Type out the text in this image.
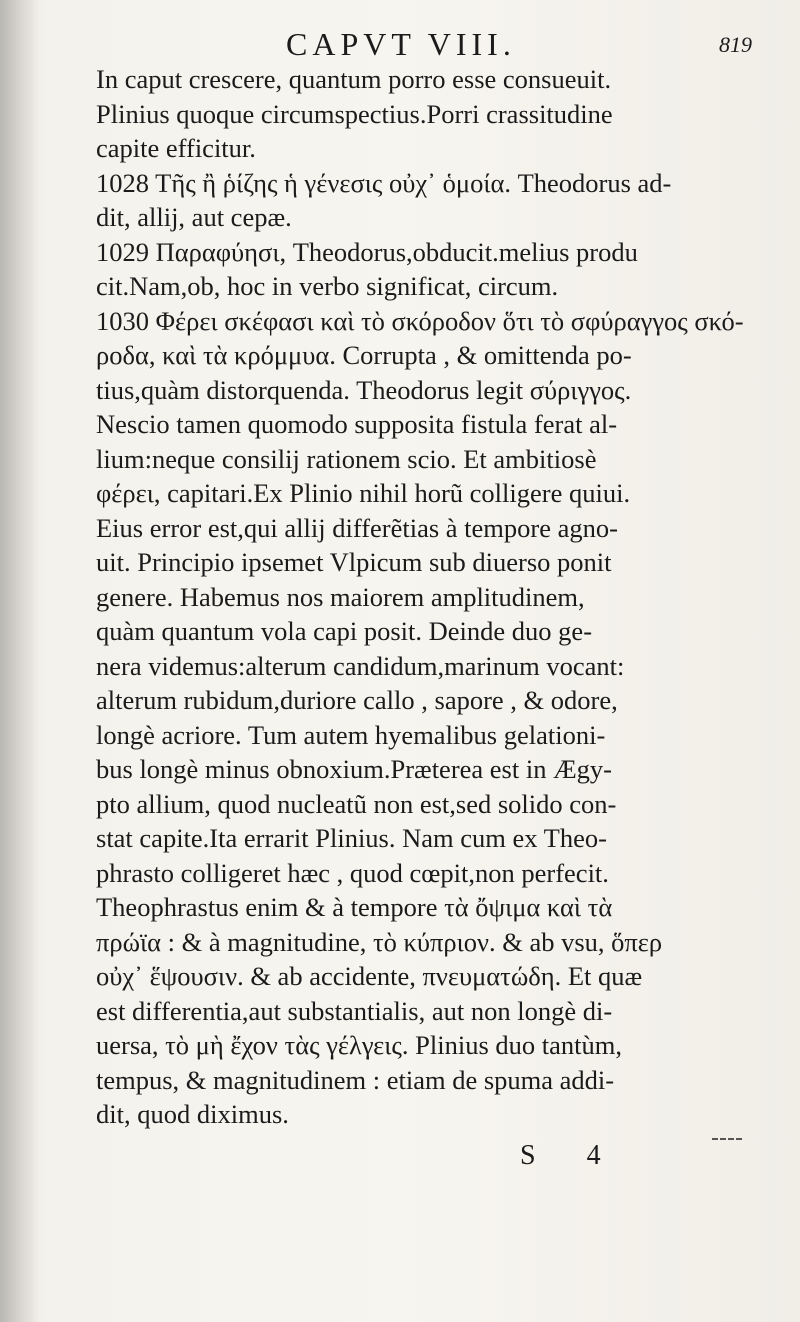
CAPVT VIII.	819

In caput crescere, quantum porro esse consueuit.
Plinius quoque circumspectius.Porri crassitudine
capite efficitur.
1028 Τῆς ἢ ῥίζης ἡ γένεσις οὐχ᾽ ὁμοία. Theodorus ad-
dit, allij, aut cepæ.
1029 Παραφύησι, Theodorus,obducit.melius produ
cit.Nam,ob, hoc in verbo significat, circum.
1030 Φέρει σκέφασι καὶ τὸ σκόροδον ὅτι τὸ σφύραγγος σκό-
ροδα, καὶ τὰ κρόμμυα. Corrupta , & omittenda po-
tius,quàm distorquenda. Theodorus legit σύριγγος.
Nescio tamen quomodo supposita fistula ferat al-
lium:neque consilij rationem scio. Et ambitiosè
φέρει, capitari.Ex Plinio nihil horũ colligere quiui.
Eius error est,qui allij differẽtias à tempore agno-
uit. Principio ipsemet Vlpicum sub diuerso ponit
genere. Habemus nos maiorem amplitudinem,
quàm quantum vola capi posit. Deinde duo ge-
nera videmus:alterum candidum,marinum vocant:
alterum rubidum,duriore callo , sapore , & odore,
longè acriore. Tum autem hyemalibus gelationi-
bus longè minus obnoxium.Præterea est in Ægy-
pto allium, quod nucleatũ non est,sed solido con-
stat capite.Ita errarit Plinius. Nam cum ex Theo-
phrasto colligeret hæc , quod cœpit,non perfecit.
Theophrastus enim & à tempore τὰ ὄψιμα καὶ τὰ
πρώϊα : & à magnitudine, τὸ κύπριον. & ab vsu, ὅπερ
οὐχ᾽ ἕψουσιν. & ab accidente, πνευματώδη. Et quæ
est differentia,aut substantialis, aut non longè di-
uersa, τὸ μὴ ἔχον τὰς γέλγεις. Plinius duo tantùm,
tempus, & magnitudinem : etiam de spuma addi-
dit, quod diximus.

S 4
